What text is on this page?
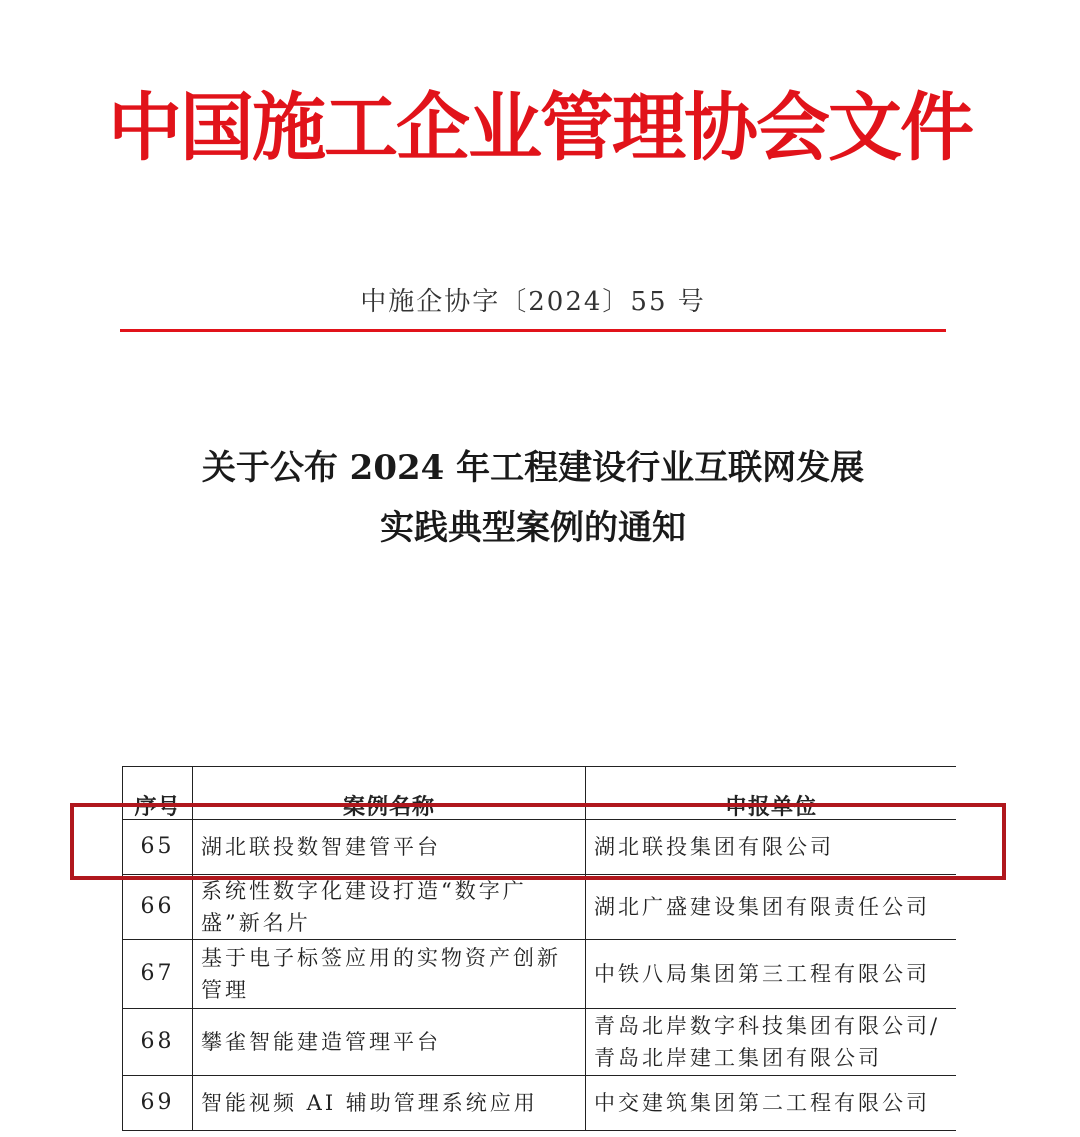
中国施工企业管理协会文件
中施企协字〔2024〕55 号
关于公布 2024 年工程建设行业互联网发展
实践典型案例的通知
序号	案例名称	申报单位
65	湖北联投数智建管平台	湖北联投集团有限公司
66	系统性数字化建设打造“数字广盛”新名片	湖北广盛建设集团有限责任公司
67	基于电子标签应用的实物资产创新管理	中铁八局集团第三工程有限公司
68	攀雀智能建造管理平台	青岛北岸数字科技集团有限公司/青岛北岸建工集团有限公司
69	智能视频 AI 辅助管理系统应用	中交建筑集团第二工程有限公司
